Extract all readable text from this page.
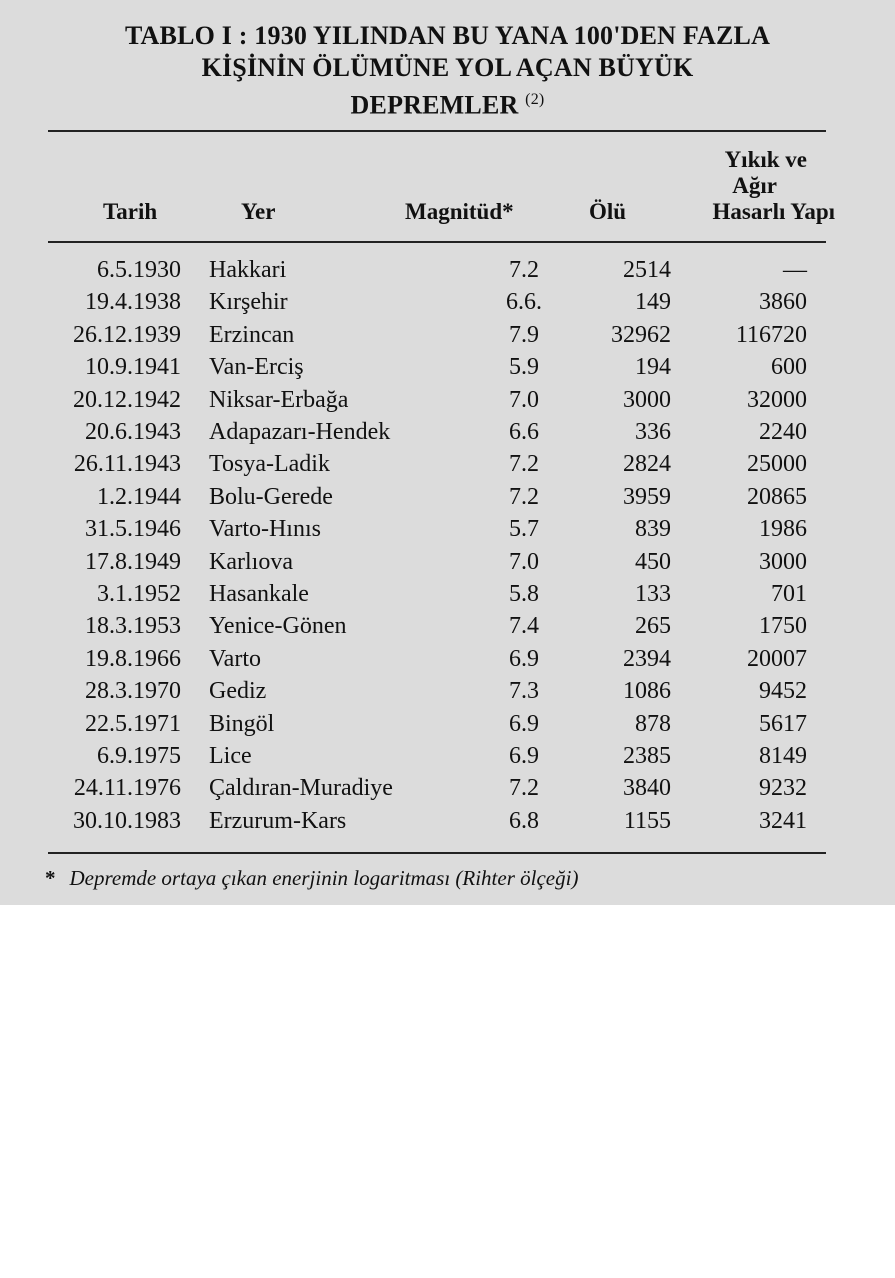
TABLO I : 1930 YILINDAN BU YANA 100'DEN FAZLA
KİŞİNİN ÖLÜMÜNE YOL AÇAN BÜYÜK
DEPREMLER $^{(2)}$
Tarih	Yer	Magnitüd*	Ölü
Yıkık ve
Ağır
Hasarlı Yapı
6.5.1930 Hakkari	7.2	2514	—
19.4.1938 Kırşehir	6.6.	149	3860
26.12.1939 Erzincan	7.9	32962	116720
10.9.1941 Van-Erciş	5.9	194	600
20.12.1942 Niksar-Erbağa	7.0	3000	32000
20.6.1943 Adapazarı-Hendek	6.6	336	2240
26.11.1943 Tosya-Ladik	7.2	2824	25000
1.2.1944 Bolu-Gerede	7.2	3959	20865
31.5.1946 Varto-Hınıs	5.7	839	1986
17.8.1949 Karlıova	7.0	450	3000
3.1.1952 Hasankale	5.8	133	701
18.3.1953 Yenice-Gönen	7.4	265	1750
19.8.1966 Varto	6.9	2394	20007
28.3.1970 Gediz	7.3	1086	9452
22.5.1971 Bingöl	6.9	878	5617
6.9.1975 Lice	6.9	2385	8149
24.11.1976 Çaldıran-Muradiye	7.2	3840	9232
30.10.1983 Erzurum-Kars	6.8	1155	3241
* Depremde ortaya çıkan enerjinin logaritması (Rihter ölçeği)
